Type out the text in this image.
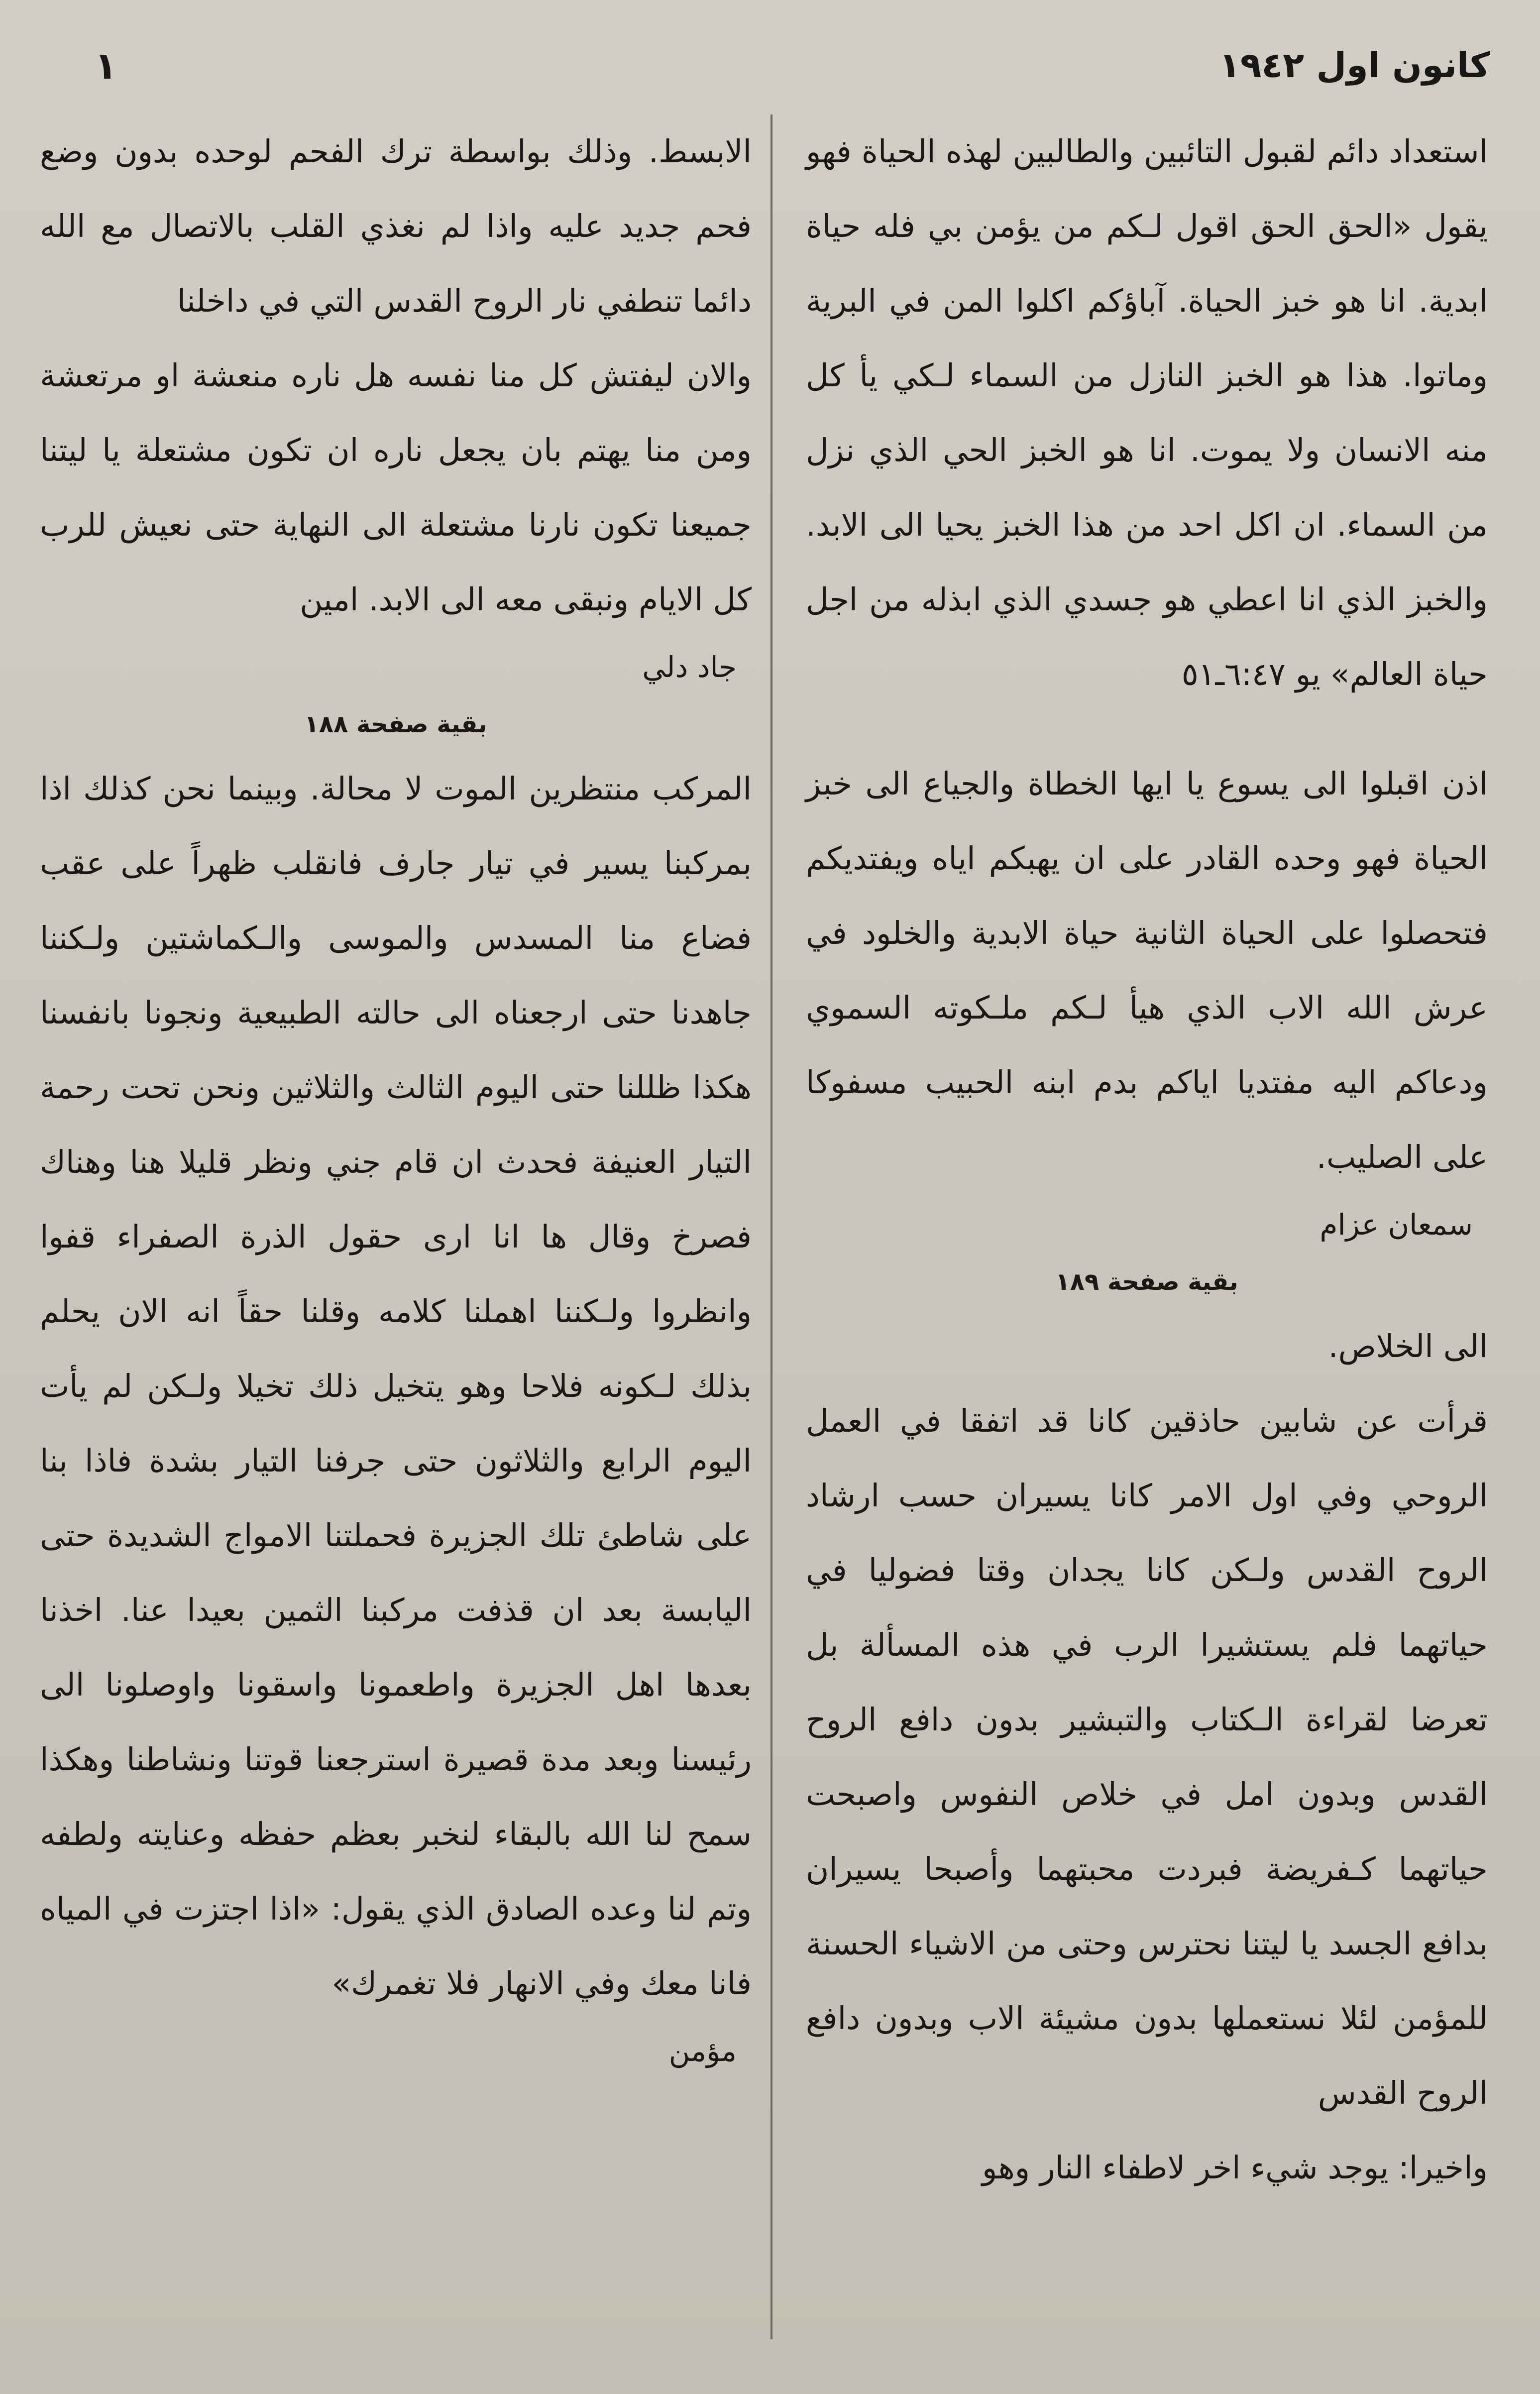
كانون اول ١٩٤٢
١

استعداد دائم لقبول التائبين والطالبين لهذه الحياة فهو يقول «الحق الحق اقول لـكم من يؤمن بي فله حياة ابدية. انا هو خبز الحياة. آباؤكم اكلوا المن في البرية وماتوا. هذا هو الخبز النازل من السماء لـكي يأ كل منه الانسان ولا يموت. انا هو الخبز الحي الذي نزل من السماء. ان اكل احد من هذا الخبز يحيا الى الابد. والخبز الذي انا اعطي هو جسدي الذي ابذله من اجل حياة العالم» يو ٦:٤٧ـ٥١

اذن اقبلوا الى يسوع يا ايها الخطاة والجياع الى خبز الحياة فهو وحده القادر على ان يهبكم اياه ويفتديكم فتحصلوا على الحياة الثانية حياة الابدية والخلود في عرش الله الاب الذي هيأ لـكم ملـكوته السموي ودعاكم اليه مفتديا اياكم بدم ابنه الحبيب مسفوكا على الصليب.

سمعان عزام
بقية صفحة ١٨٩

الى الخلاص.

قرأت عن شابين حاذقين كانا قد اتفقا في العمل الروحي وفي اول الامر كانا يسيران حسب ارشاد الروح القدس ولـكن كانا يجدان وقتا فضوليا في حياتهما فلم يستشيرا الرب في هذه المسألة بل تعرضا لقراءة الـكتاب والتبشير بدون دافع الروح القدس وبدون امل في خلاص النفوس واصبحت حياتهما كـفريضة فبردت محبتهما وأصبحا يسيران بدافع الجسد يا ليتنا نحترس وحتى من الاشياء الحسنة للمؤمن لئلا نستعملها بدون مشيئة الاب وبدون دافع الروح القدس

واخيرا: يوجد شيء اخر لاطفاء النار وهو

الابسط. وذلك بواسطة ترك الفحم لوحده بدون وضع فحم جديد عليه واذا لم نغذي القلب بالاتصال مع الله دائما تنطفي نار الروح القدس التي في داخلنا

والان ليفتش كل منا نفسه هل ناره منعشة او مرتعشة ومن منا يهتم بان يجعل ناره ان تكون مشتعلة يا ليتنا جميعنا تكون نارنا مشتعلة الى النهاية حتى نعيش للرب كل الايام ونبقى معه الى الابد. امين

جاد دلي
بقية صفحة ١٨٨

المركب منتظرين الموت لا محالة. وبينما نحن كذلك اذا بمركبنا يسير في تيار جارف فانقلب ظهراً على عقب فضاع منا المسدس والموسى والـكماشتين ولـكننا جاهدنا حتى ارجعناه الى حالته الطبيعية ونجونا بانفسنا هكذا ظللنا حتى اليوم الثالث والثلاثين ونحن تحت رحمة التيار العنيفة فحدث ان قام جني ونظر قليلا هنا وهناك فصرخ وقال ها انا ارى حقول الذرة الصفراء قفوا وانظروا ولـكننا اهملنا كلامه وقلنا حقاً انه الان يحلم بذلك لـكونه فلاحا وهو يتخيل ذلك تخيلا ولـكن لم يأت اليوم الرابع والثلاثون حتى جرفنا التيار بشدة فاذا بنا على شاطئ تلك الجزيرة فحملتنا الامواج الشديدة حتى اليابسة بعد ان قذفت مركبنا الثمين بعيدا عنا. اخذنا بعدها اهل الجزيرة واطعمونا واسقونا واوصلونا الى رئيسنا وبعد مدة قصيرة استرجعنا قوتنا ونشاطنا وهكذا سمح لنا الله بالبقاء لنخبر بعظم حفظه وعنايته ولطفه وتم لنا وعده الصادق الذي يقول: «اذا اجتزت في المياه فانا معك وفي الانهار فلا تغمرك»

مؤمن
